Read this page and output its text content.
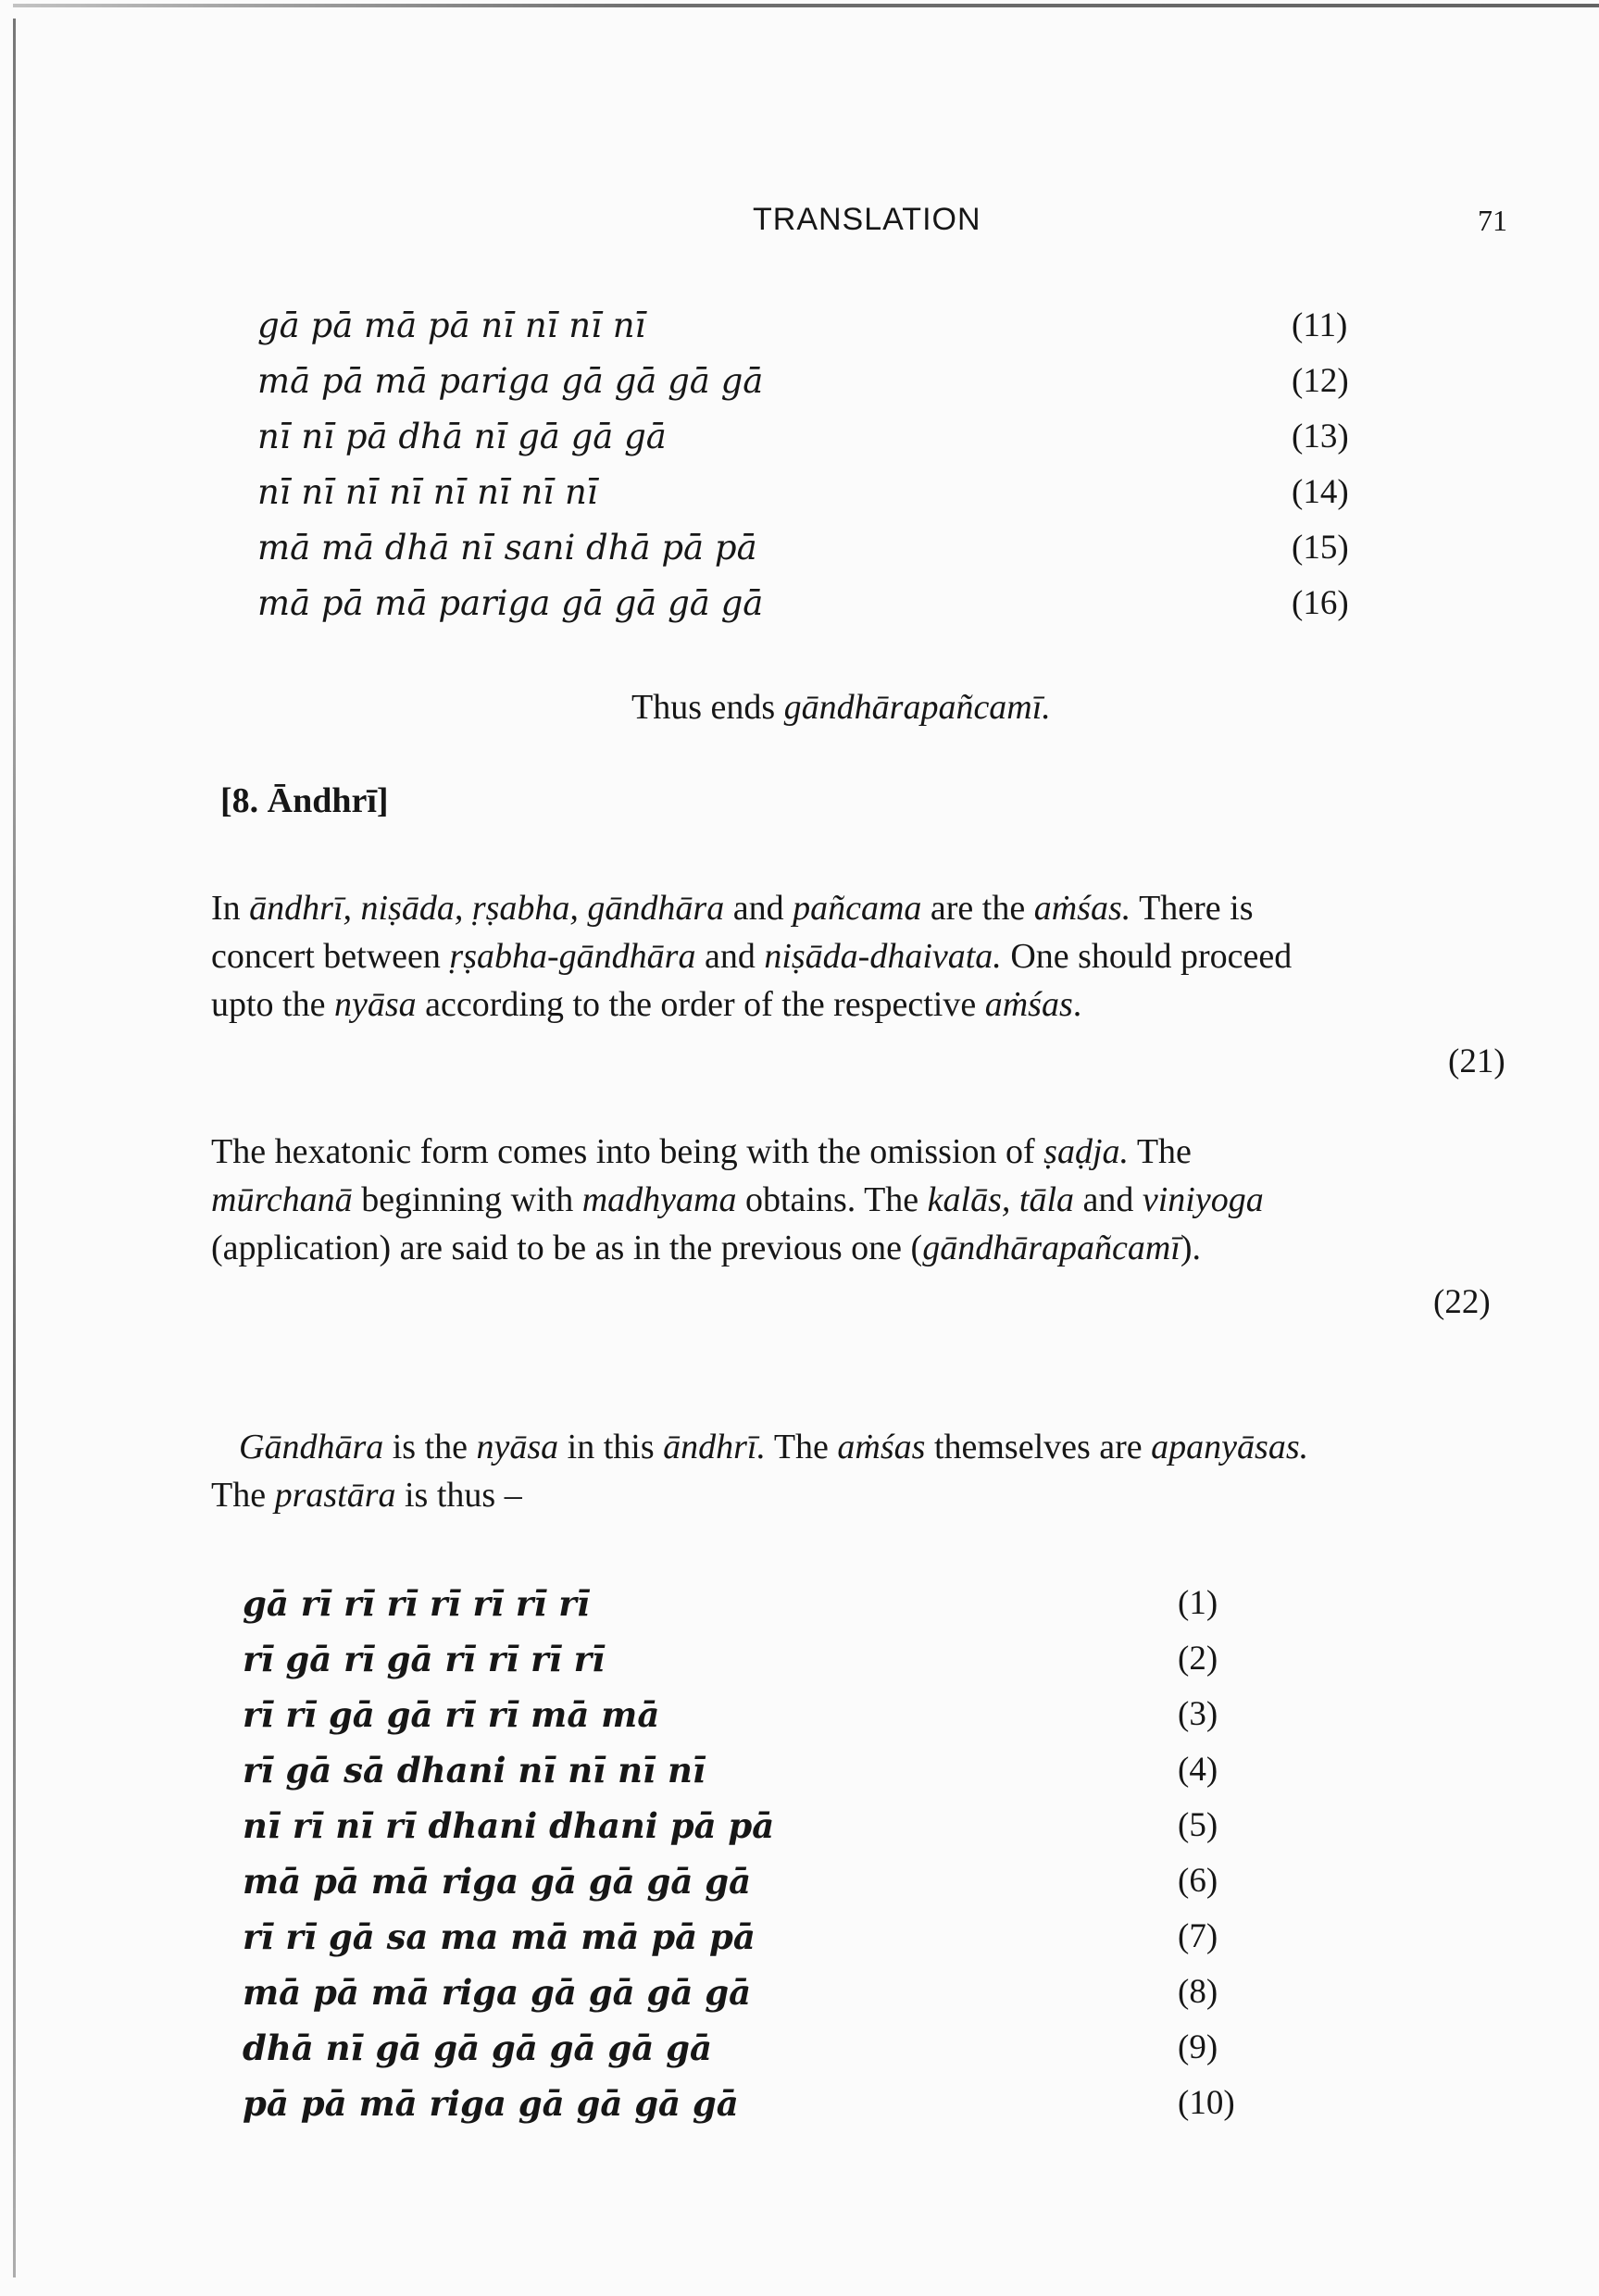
TRANSLATION	71
gā pā mā pā nī nī nī nī	(11)
mā pā mā pariga gā gā gā gā	(12)
nī nī pā dhā nī gā gā gā	(13)
nī nī nī nī nī nī nī nī	(14)
mā mā dhā nī sani dhā pā pā	(15)
mā pā mā pariga gā gā gā gā	(16)
Thus ends gāndhārapañcamī.
[8. Āndhrī]
In āndhrī, niṣāda, ṛṣabha, gāndhāra and pañcama are the aṁśas. There is
concert between ṛṣabha-gāndhāra and niṣāda-dhaivata. One should proceed
upto the nyāsa according to the order of the respective aṁśas.
(21)
The hexatonic form comes into being with the omission of ṣaḍja. The
mūrchanā beginning with madhyama obtains. The kalās, tāla and viniyoga
(application) are said to be as in the previous one (gāndhārapañcamī).
(22)
Gāndhāra is the nyāsa in this āndhrī. The aṁśas themselves are apanyāsas.
The prastāra is thus –
gā rī rī rī rī rī rī rī	(1)
rī gā rī gā rī rī rī rī	(2)
rī rī gā gā rī rī mā mā	(3)
rī gā sā dhani nī nī nī nī	(4)
nī rī nī rī dhani dhani pā pā	(5)
mā pā mā riga gā gā gā gā	(6)
rī rī gā sa ma mā mā pā pā	(7)
mā pā mā riga gā gā gā gā	(8)
dhā nī gā gā gā gā gā gā	(9)
pā pā mā riga gā gā gā gā	(10)
